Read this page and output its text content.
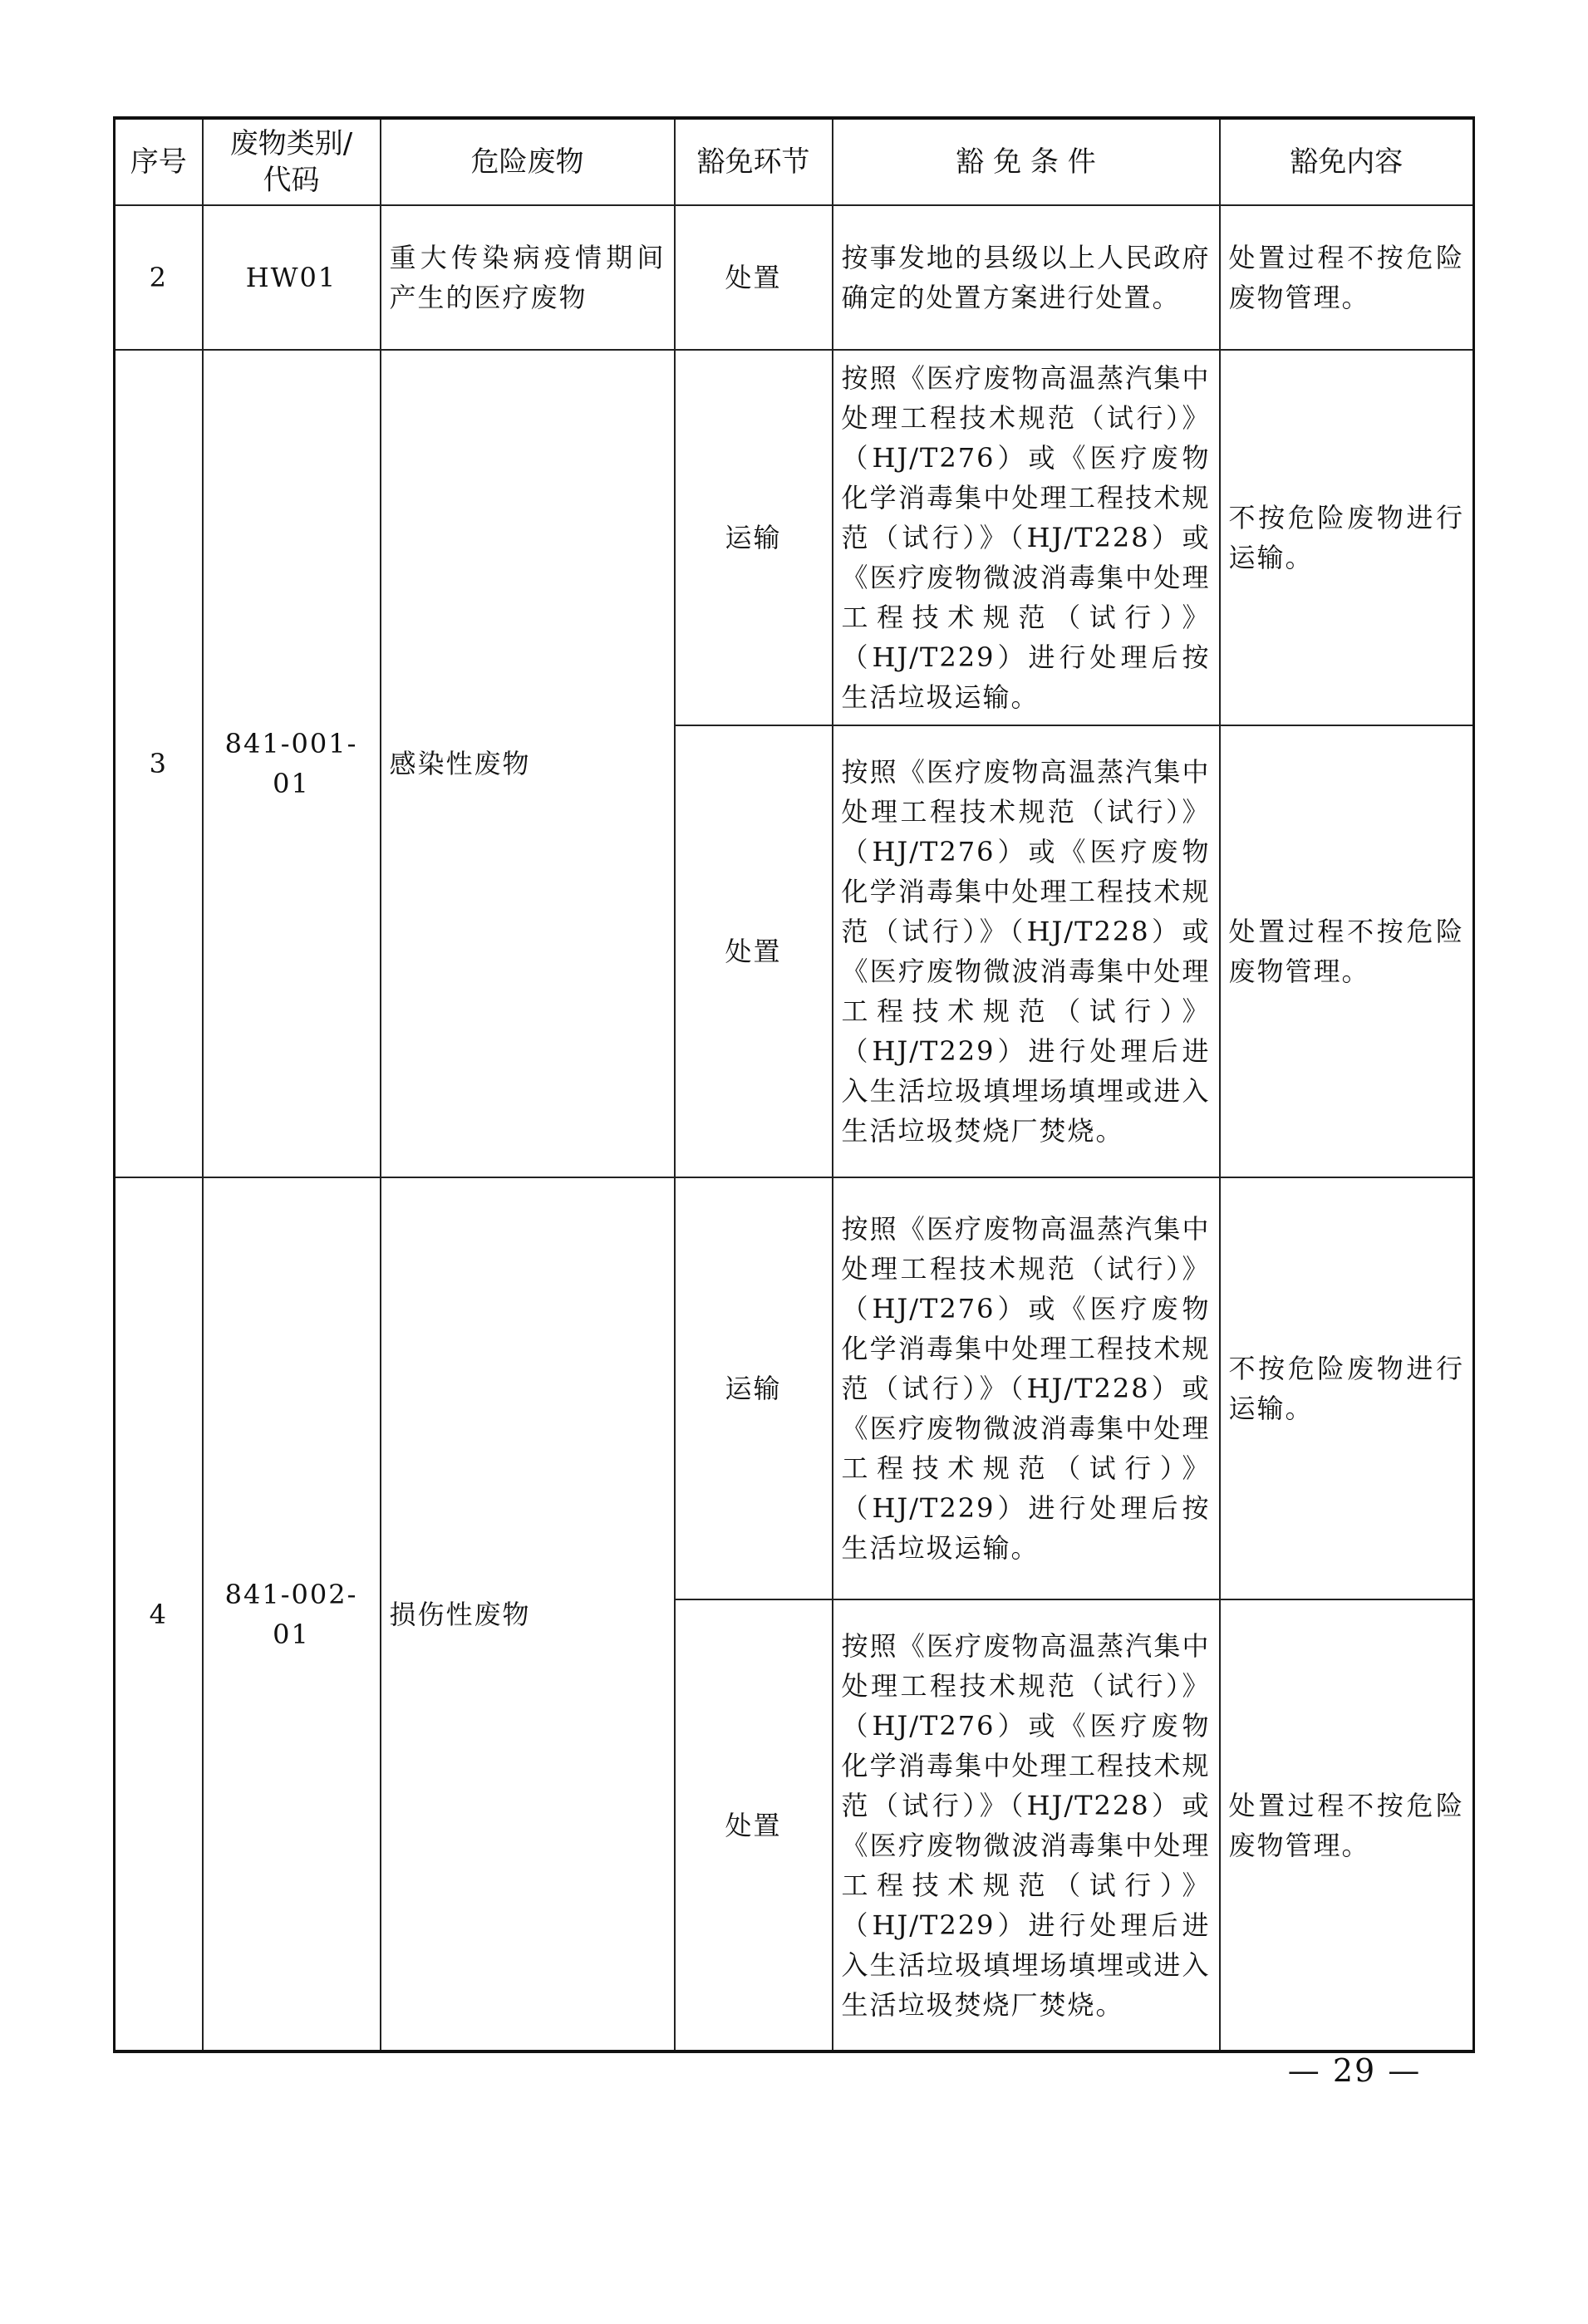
序号	废物类别/代码	危险废物	豁免环节	豁 免 条 件	豁免内容
2	HW01	重大传染病疫情期间产生的医疗废物	处置	按事发地的县级以上人民政府确定的处置方案进行处置。	处置过程不按危险废物管理。
3	841-001-01	感染性废物	运输	按照《医疗废物高温蒸汽集中处理工程技术规范（试行）》（HJ/T276）或《医疗废物化学消毒集中处理工程技术规范（试行）》（HJ/T228）或《医疗废物微波消毒集中处理工程技术规范（试行）》（HJ/T229）进行处理后按生活垃圾运输。	不按危险废物进行运输。
			处置	按照《医疗废物高温蒸汽集中处理工程技术规范（试行）》（HJ/T276）或《医疗废物化学消毒集中处理工程技术规范（试行）》（HJ/T228）或《医疗废物微波消毒集中处理工程技术规范（试行）》（HJ/T229）进行处理后进入生活垃圾填埋场填埋或进入生活垃圾焚烧厂焚烧。	处置过程不按危险废物管理。
4	841-002-01	损伤性废物	运输	按照《医疗废物高温蒸汽集中处理工程技术规范（试行）》（HJ/T276）或《医疗废物化学消毒集中处理工程技术规范（试行）》（HJ/T228）或《医疗废物微波消毒集中处理工程技术规范（试行）》（HJ/T229）进行处理后按生活垃圾运输。	不按危险废物进行运输。
			处置	按照《医疗废物高温蒸汽集中处理工程技术规范（试行）》（HJ/T276）或《医疗废物化学消毒集中处理工程技术规范（试行）》（HJ/T228）或《医疗废物微波消毒集中处理工程技术规范（试行）》（HJ/T229）进行处理后进入生活垃圾填埋场填埋或进入生活垃圾焚烧厂焚烧。	处置过程不按危险废物管理。
— 29 —
